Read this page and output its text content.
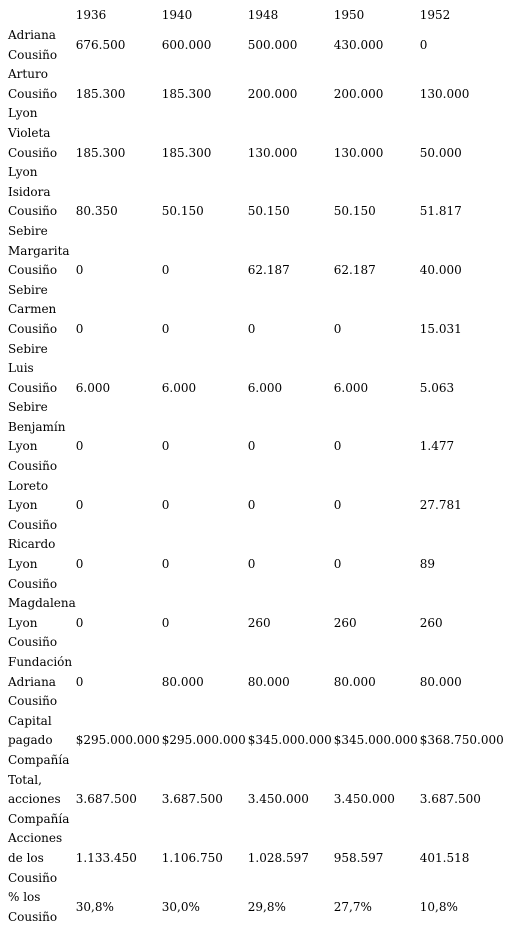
	1936	1940	1948	1950	1952

Adriana
Cousiño	676.500	600.000	500.000	430.000	0

Arturo
Cousiño
Lyon	185.300	185.300	200.000	200.000	130.000

Violeta
Cousiño
Lyon	185.300	185.300	130.000	130.000	50.000

Isidora
Cousiño
Sebire	80.350	50.150	50.150	50.150	51.817

Margarita
Cousiño
Sebire	0	0	62.187	62.187	40.000

Carmen
Cousiño
Sebire	0	0	0	0	15.031

Luis
Cousiño
Sebire	6.000	6.000	6.000	6.000	5.063

Benjamín
Lyon
Cousiño	0	0	0	0	1.477

Loreto
Lyon
Cousiño	0	0	0	0	27.781

Ricardo
Lyon
Cousiño	0	0	0	0	89

Magdalena
Lyon
Cousiño	0	0	260	260	260

Fundación
Adriana
Cousiño	0	80.000	80.000	80.000	80.000

Capital
pagado
Compañía	$295.000.000	$295.000.000	$345.000.000	$345.000.000	$368.750.000

Total,
acciones
Compañía	3.687.500	3.687.500	3.450.000	3.450.000	3.687.500

Acciones
de los
Cousiño	1.133.450	1.106.750	1.028.597	958.597	401.518

% los
Cousiño	30,8%	30,0%	29,8%	27,7%	10,8%
